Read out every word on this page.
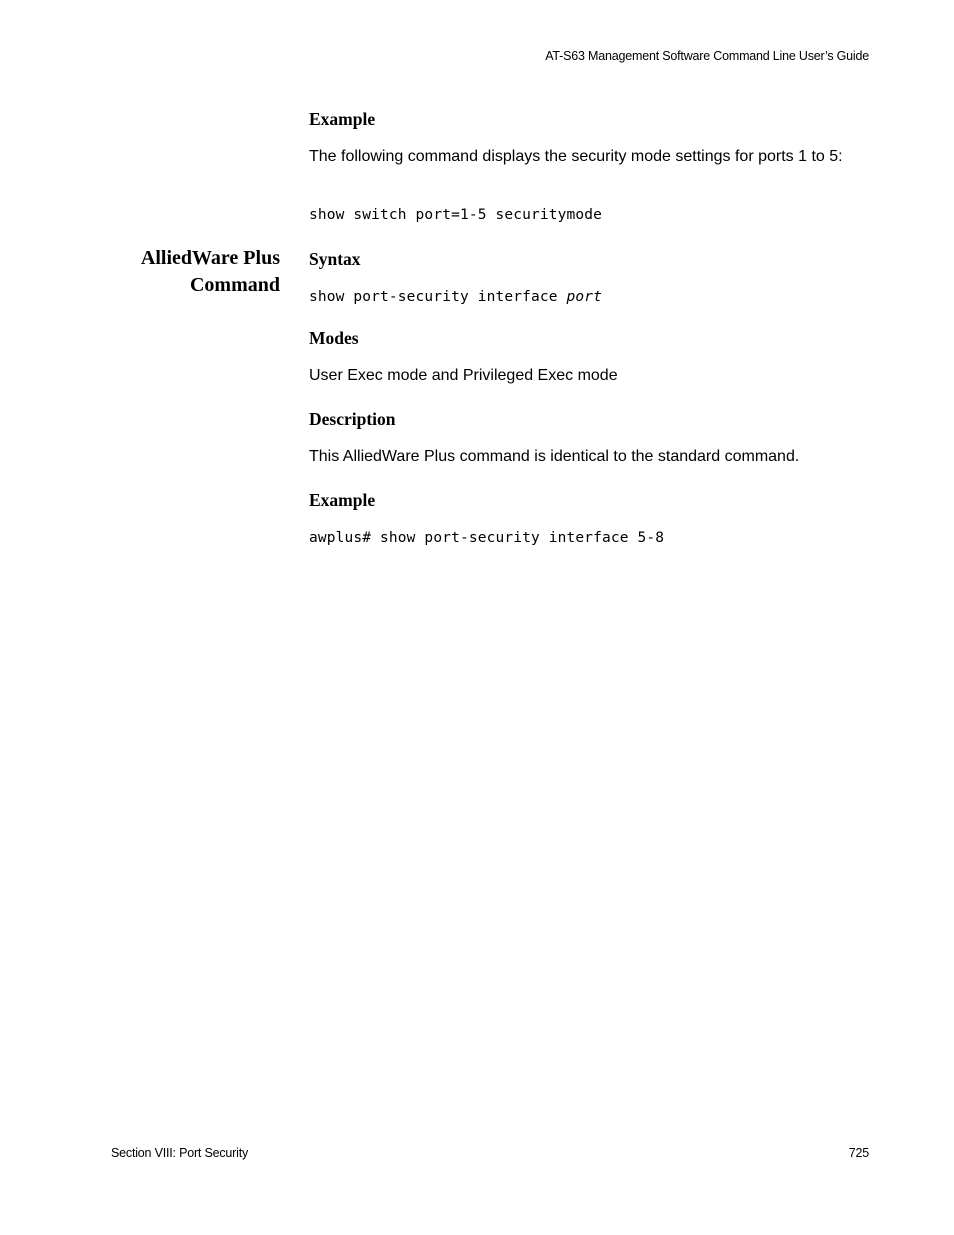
AT-S63 Management Software Command Line User’s Guide
Example
The following command displays the security mode settings for ports 1 to 5:
show switch port=1-5 securitymode
AlliedWare Plus
Command
Syntax
show port-security interface port
Modes
User Exec mode and Privileged Exec mode
Description
This AlliedWare Plus command is identical to the standard command.
Example
awplus# show port-security interface 5-8
Section VIII: Port Security	725
